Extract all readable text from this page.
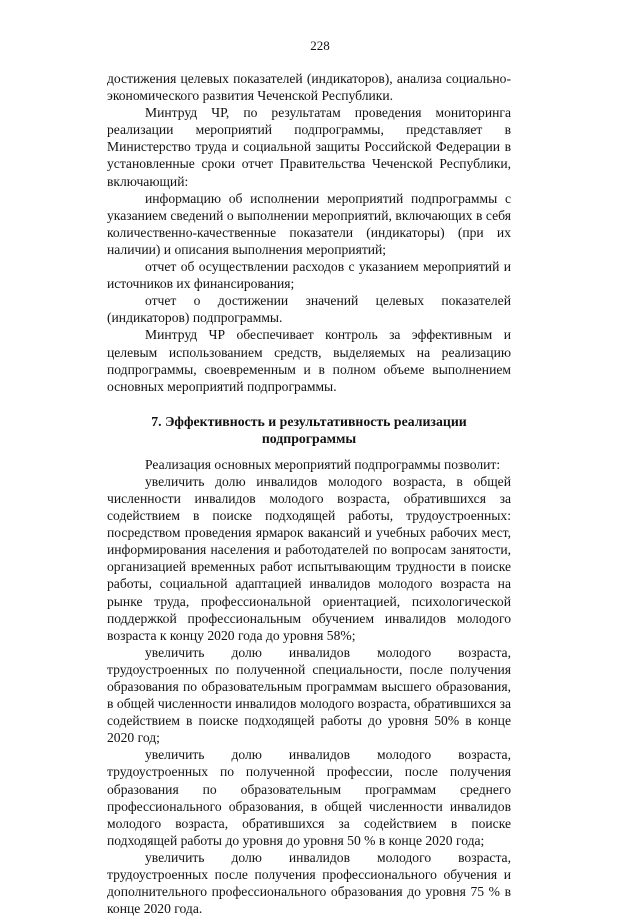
228

достижения целевых показателей (индикаторов), анализа социально-экономического развития Чеченской Республики.

Минтруд ЧР, по результатам проведения мониторинга реализации мероприятий подпрограммы, представляет в Министерство труда и социальной защиты Российской Федерации в установленные сроки отчет Правительства Чеченской Республики, включающий:

информацию об исполнении мероприятий подпрограммы с указанием сведений о выполнении мероприятий, включающих в себя количественно-качественные показатели (индикаторы) (при их наличии) и описания выполнения мероприятий;

отчет об осуществлении расходов с указанием мероприятий и источников их финансирования;

отчет о достижении значений целевых показателей (индикаторов) подпрограммы.

Минтруд ЧР обеспечивает контроль за эффективным и целевым использованием средств, выделяемых на реализацию подпрограммы, своевременным и в полном объеме выполнением основных мероприятий подпрограммы.

7. Эффективность и результативность реализации подпрограммы

Реализация основных мероприятий подпрограммы позволит:

увеличить долю инвалидов молодого возраста, в общей численности инвалидов молодого возраста, обратившихся за содействием в поиске подходящей работы, трудоустроенных: посредством проведения ярмарок вакансий и учебных рабочих мест, информирования населения и работодателей по вопросам занятости, организацией временных работ испытывающим трудности в поиске работы, социальной адаптацией инвалидов молодого возраста на рынке труда, профессиональной ориентацией, психологической поддержкой профессиональным обучением инвалидов молодого возраста к концу 2020 года до уровня 58%;

увеличить долю инвалидов молодого возраста, трудоустроенных по полученной специальности, после получения образования по образовательным программам высшего образования, в общей численности инвалидов молодого возраста, обратившихся за содействием в поиске подходящей работы до уровня 50% в конце 2020 год;

увеличить долю инвалидов молодого возраста, трудоустроенных по полученной профессии, после получения образования по образовательным программам среднего профессионального образования, в общей численности инвалидов молодого возраста, обратившихся за содействием в поиске подходящей работы до уровня до уровня 50 % в конце 2020 года;

увеличить долю инвалидов молодого возраста, трудоустроенных после получения профессионального обучения и дополнительного профессионального образования до уровня 75 % в конце 2020 года.
